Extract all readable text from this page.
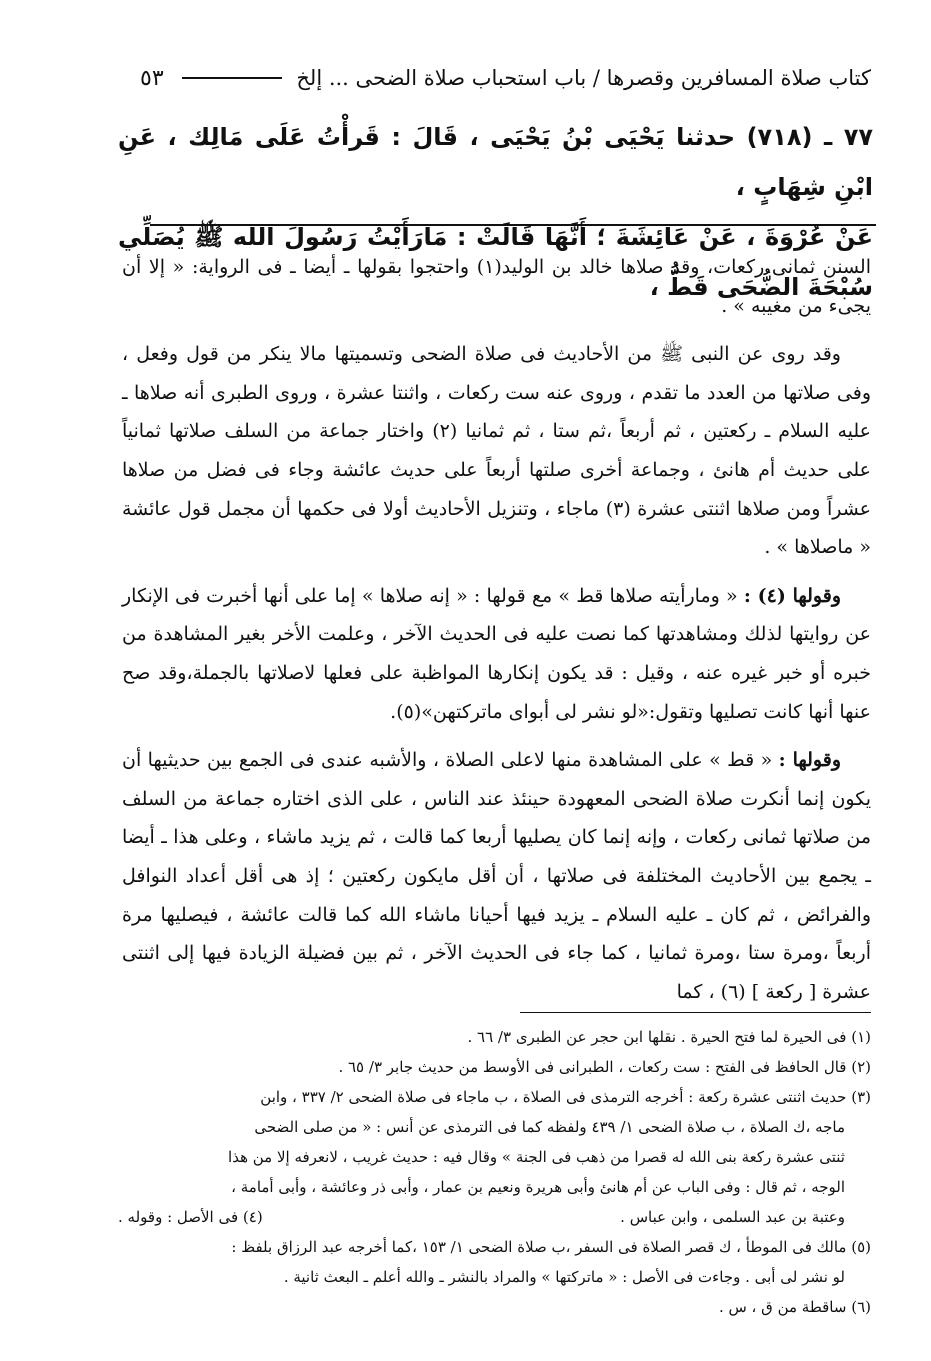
كتاب صلاة المسافرين وقصرها / باب استحباب صلاة الضحى ... إلخ
٥٣

٧٧ ـ (٧١٨) حدثنا يَحْيَى بْنُ يَحْيَى ، قَالَ : قَرأْتُ عَلَى مَالِك ، عَنِ ابْنِ شِهَابٍ ،

عَنْ عُرْوَةَ ، عَنْ عَائِشَةَ ؛ أَنَّهَا قَالَتْ : مَارَأَيْتُ رَسُولَ الله ﷺ يُصَلِّي سُبْحَةَ الضُّحَى قَطُّ ،

السنن ثمانى ركعات، وقد صلاها خالد بن الوليد(١) واحتجوا بقولها ـ أيضا ـ فى الرواية: « إلا أن يجىء من مغيبه » .

وقد روى عن النبى ﷺ من الأحاديث فى صلاة الضحى وتسميتها مالا ينكر من قول وفعل ، وفى صلاتها من العدد ما تقدم ، وروى عنه ست ركعات ، واثنتا عشرة ، وروى الطبرى أنه صلاها ـ عليه السلام ـ ركعتين ، ثم أربعاً ،ثم ستا ، ثم ثمانيا (٢) واختار جماعة من السلف صلاتها ثمانياً على حديث أم هانئ ، وجماعة أخرى صلتها أربعاً على حديث عائشة وجاء فى فضل من صلاها عشراً ومن صلاها اثنتى عشرة (٣) ماجاء ، وتنزيل الأحاديث أولا فى حكمها أن مجمل قول عائشة « ماصلاها » .

وقولها (٤) : « ومارأيته صلاها قط » مع قولها : « إنه صلاها » إما على أنها أخبرت فى الإنكار عن روايتها لذلك ومشاهدتها كما نصت عليه فى الحديث الآخر ، وعلمت الأخر بغير المشاهدة من خبره أو خبر غيره عنه ، وقيل : قد يكون إنكارها المواظبة على فعلها لاصلاتها بالجملة،وقد صح عنها أنها كانت تصليها وتقول:«لو نشر لى أبواى ماتركتهن»(٥).

وقولها : « قط » على المشاهدة منها لاعلى الصلاة ، والأشبه عندى فى الجمع بين حديثيها أن يكون إنما أنكرت صلاة الضحى المعهودة حينئذ عند الناس ، على الذى اختاره جماعة من السلف من صلاتها ثمانى ركعات ، وإنه إنما كان يصليها أربعا كما قالت ، ثم يزيد ماشاء ، وعلى هذا ـ أيضا ـ يجمع بين الأحاديث المختلفة فى صلاتها ، أن أقل مايكون ركعتين ؛ إذ هى أقل أعداد النوافل والفرائض ، ثم كان ـ عليه السلام ـ يزيد فيها أحيانا ماشاء الله كما قالت عائشة ، فيصليها مرة أربعاً ،ومرة ستا ،ومرة ثمانيا ، كما جاء فى الحديث الآخر ، ثم بين فضيلة الزيادة فيها إلى اثنتى عشرة [ ركعة ] (٦) ، كما

(١) فى الحيرة لما فتح الحيرة . نقلها ابن حجر عن الطبرى ٣/ ٦٦ .

(٢) قال الحافظ فى الفتح : ست ركعات ، الطبرانى فى الأوسط من حديث جابر ٣/ ٦٥ .

(٣) حديث اثنتى عشرة ركعة : أخرجه الترمذى فى الصلاة ، ب ماجاء فى صلاة الضحى ٢/ ٣٣٧ ، وابن

ماجه ،ك الصلاة ، ب صلاة الضحى ١/ ٤٣٩ ولفظه كما فى الترمذى عن أنس : « من صلى الضحى

ثنتى عشرة ركعة بنى الله له قصرا من ذهب فى الجنة » وقال فيه : حديث غريب ، لانعرفه إلا من هذا

الوجه ، ثم قال : وفى الباب عن أم هانئ وأبى هريرة ونعيم بن عمار ، وأبى ذر وعائشة ، وأبى أمامة ،

وعتبة بن عبد السلمى ، وابن عباس .
(٤) فى الأصل : وقوله .

(٥) مالك فى الموطأ ، ك قصر الصلاة فى السفر ،ب صلاة الضحى ١/ ١٥٣ ،كما أخرجه عبد الرزاق بلفظ :

لو نشر لى أبى . وجاءت فى الأصل : « ماتركتها » والمراد بالنشر ـ والله أعلم ـ البعث ثانية .

(٦) ساقطة من ق ، س .
